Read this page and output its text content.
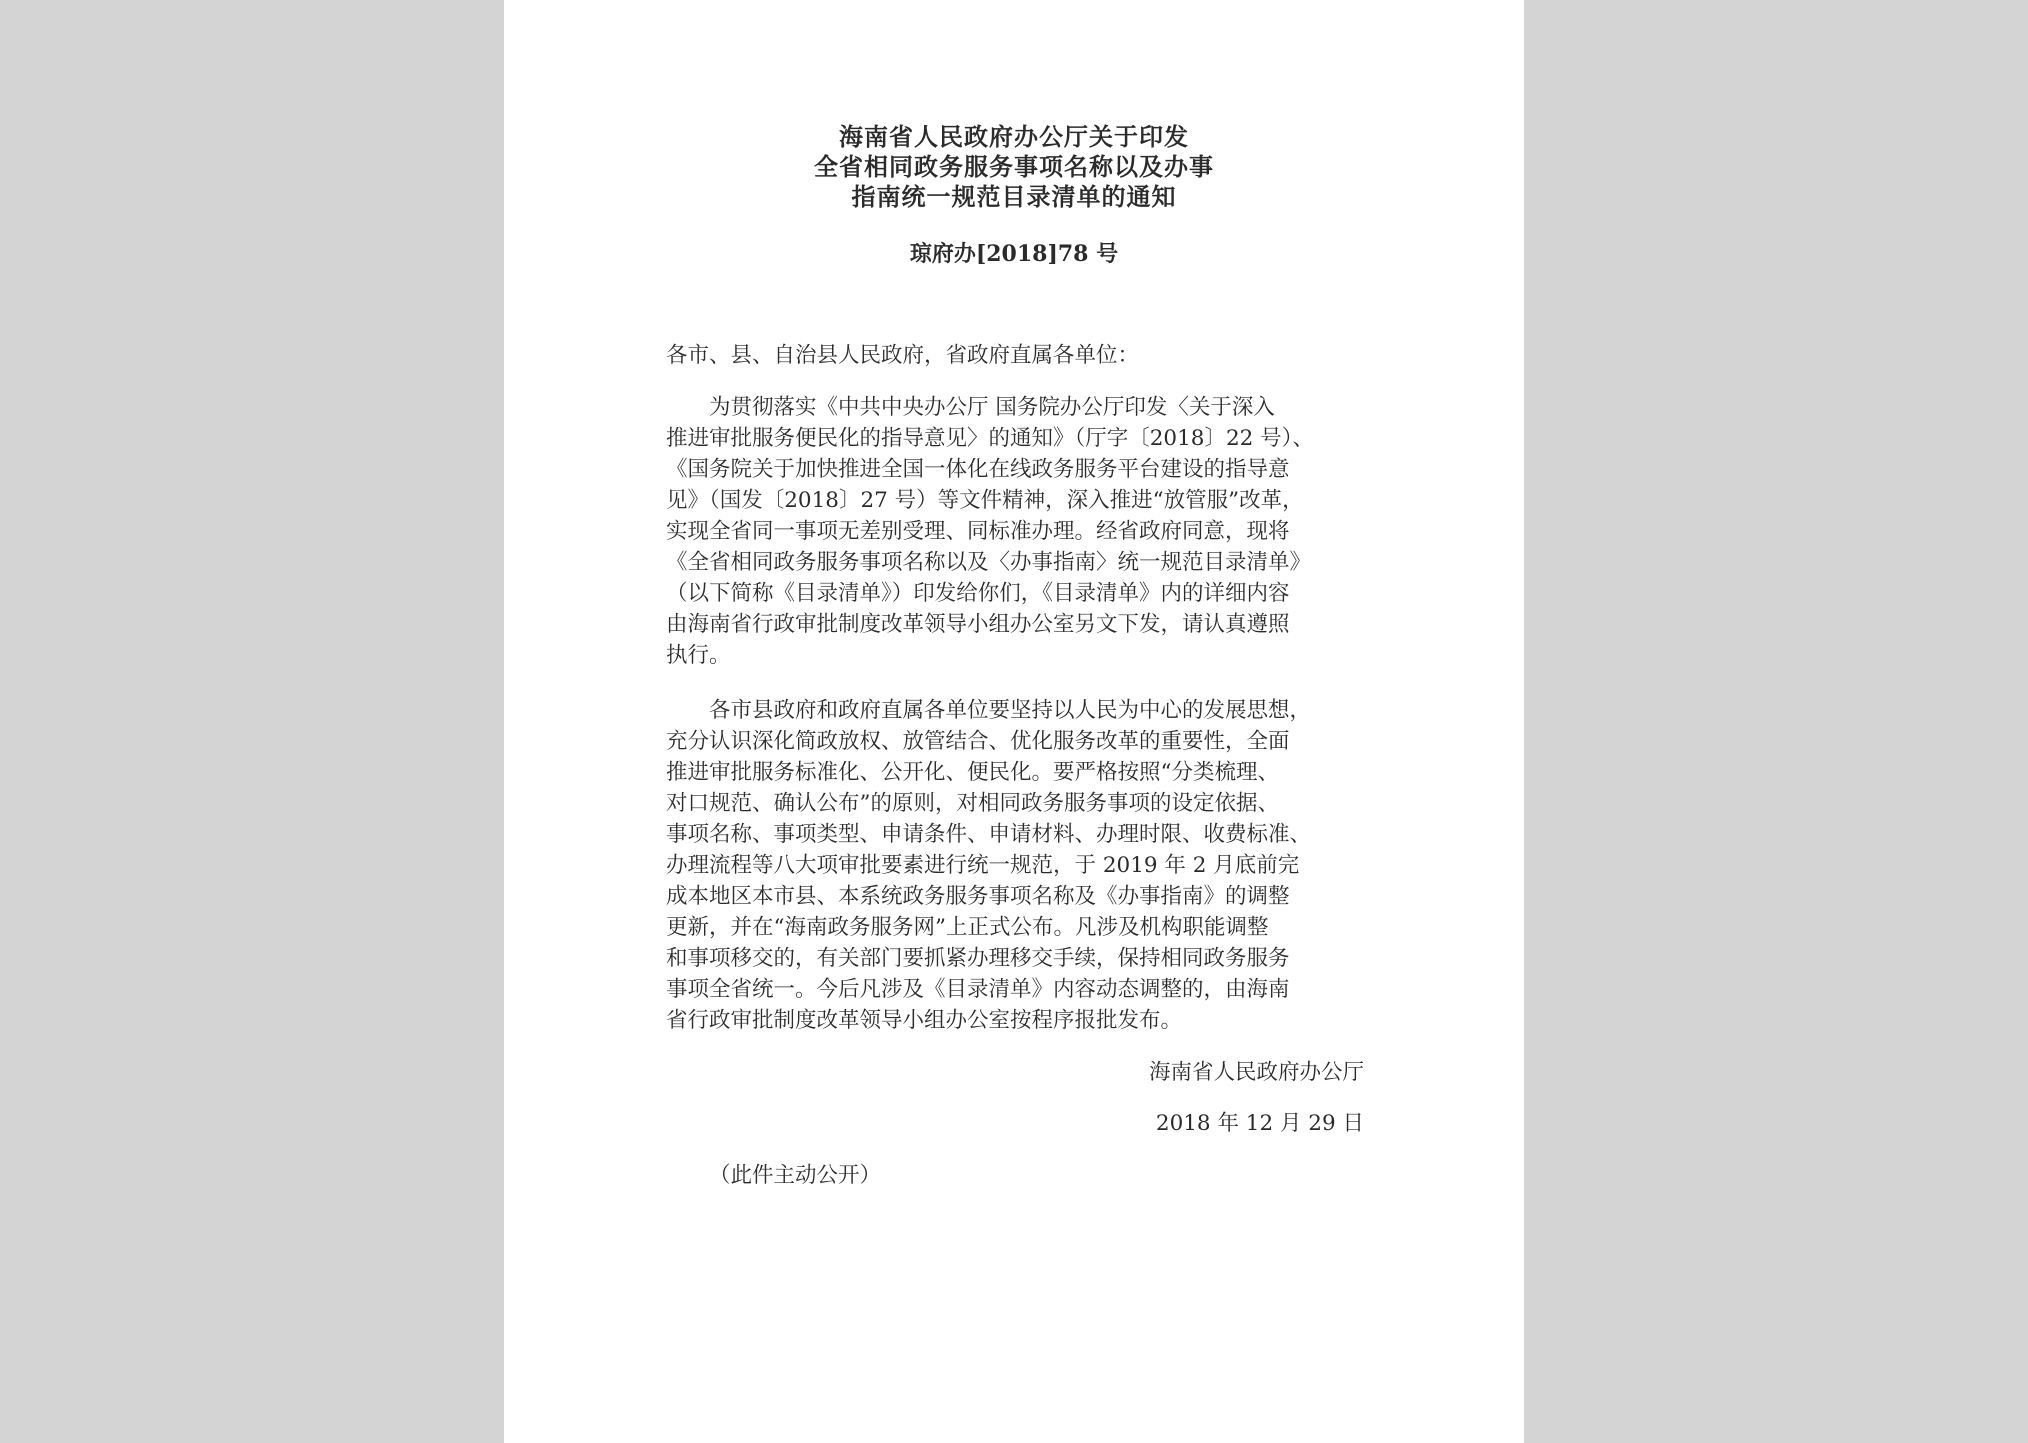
海南省人民政府办公厅关于印发
全省相同政务服务事项名称以及办事
指南统一规范目录清单的通知
琼府办[2018]78 号
各市、县、自治县人民政府，省政府直属各单位：
　　为贯彻落实《中共中央办公厅 国务院办公厅印发〈关于深入
推进审批服务便民化的指导意见〉的通知》（厅字〔2018〕22 号）、
《国务院关于加快推进全国一体化在线政务服务平台建设的指导意
见》（国发〔2018〕27 号）等文件精神，深入推进“放管服”改革，
实现全省同一事项无差别受理、同标准办理。经省政府同意，现将
《全省相同政务服务事项名称以及〈办事指南〉统一规范目录清单》
（以下简称《目录清单》）印发给你们，《目录清单》内的详细内容
由海南省行政审批制度改革领导小组办公室另文下发，请认真遵照
执行。
　　各市县政府和政府直属各单位要坚持以人民为中心的发展思想，
充分认识深化简政放权、放管结合、优化服务改革的重要性，全面
推进审批服务标准化、公开化、便民化。要严格按照“分类梳理、
对口规范、确认公布”的原则，对相同政务服务事项的设定依据、
事项名称、事项类型、申请条件、申请材料、办理时限、收费标准、
办理流程等八大项审批要素进行统一规范，于 2019 年 2 月底前完
成本地区本市县、本系统政务服务事项名称及《办事指南》的调整
更新，并在“海南政务服务网”上正式公布。凡涉及机构职能调整
和事项移交的，有关部门要抓紧办理移交手续，保持相同政务服务
事项全省统一。今后凡涉及《目录清单》内容动态调整的，由海南
省行政审批制度改革领导小组办公室按程序报批发布。
海南省人民政府办公厅
2018 年 12 月 29 日
（此件主动公开）
